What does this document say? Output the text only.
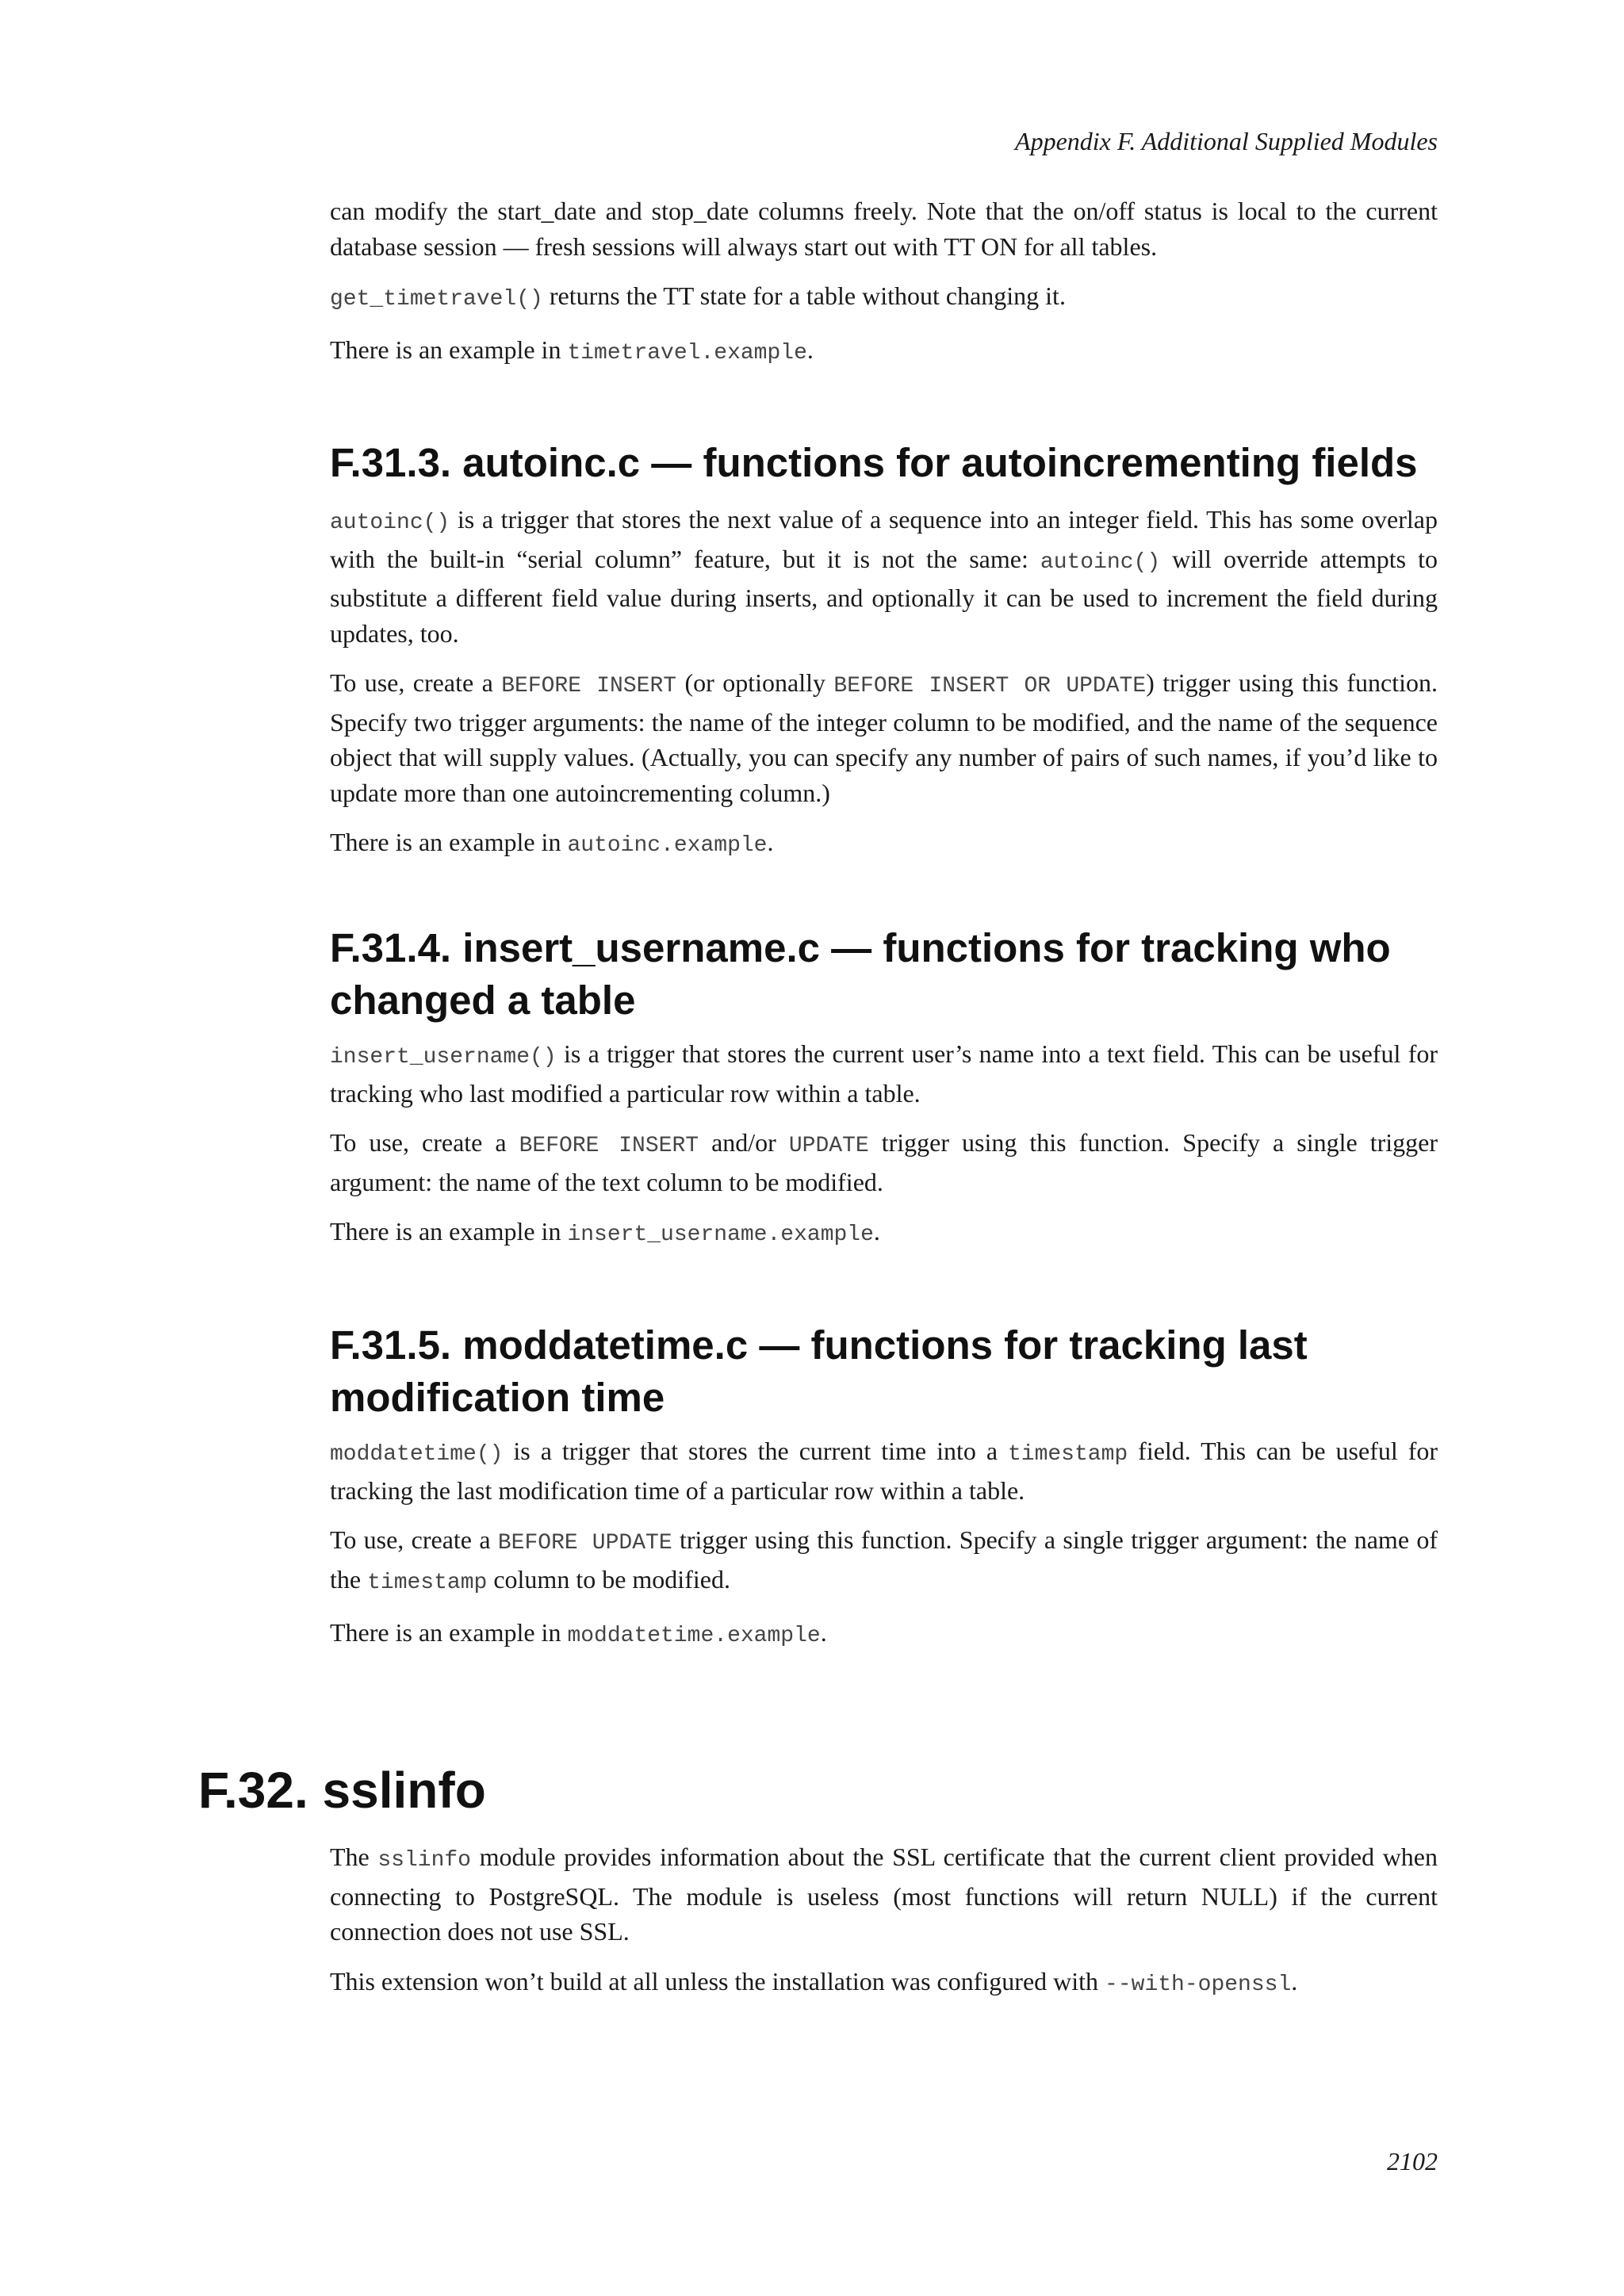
Appendix F. Additional Supplied Modules

can modify the start_date and stop_date columns freely. Note that the on/off status is local to the current database session — fresh sessions will always start out with TT ON for all tables.

get_timetravel() returns the TT state for a table without changing it.

There is an example in timetravel.example.

F.31.3. autoinc.c — functions for autoincrementing fields

autoinc() is a trigger that stores the next value of a sequence into an integer field. This has some overlap with the built-in “serial column” feature, but it is not the same: autoinc() will override attempts to substitute a different field value during inserts, and optionally it can be used to increment the field during updates, too.

To use, create a BEFORE INSERT (or optionally BEFORE INSERT OR UPDATE) trigger using this function. Specify two trigger arguments: the name of the integer column to be modified, and the name of the sequence object that will supply values. (Actually, you can specify any number of pairs of such names, if you’d like to update more than one autoincrementing column.)

There is an example in autoinc.example.

F.31.4. insert_username.c — functions for tracking who changed a table

insert_username() is a trigger that stores the current user’s name into a text field. This can be useful for tracking who last modified a particular row within a table.

To use, create a BEFORE INSERT and/or UPDATE trigger using this function. Specify a single trigger argument: the name of the text column to be modified.

There is an example in insert_username.example.

F.31.5. moddatetime.c — functions for tracking last modification time

moddatetime() is a trigger that stores the current time into a timestamp field. This can be useful for tracking the last modification time of a particular row within a table.

To use, create a BEFORE UPDATE trigger using this function. Specify a single trigger argument: the name of the timestamp column to be modified.

There is an example in moddatetime.example.

F.32. sslinfo

The sslinfo module provides information about the SSL certificate that the current client provided when connecting to PostgreSQL. The module is useless (most functions will return NULL) if the current connection does not use SSL.

This extension won’t build at all unless the installation was configured with --with-openssl.

2102
